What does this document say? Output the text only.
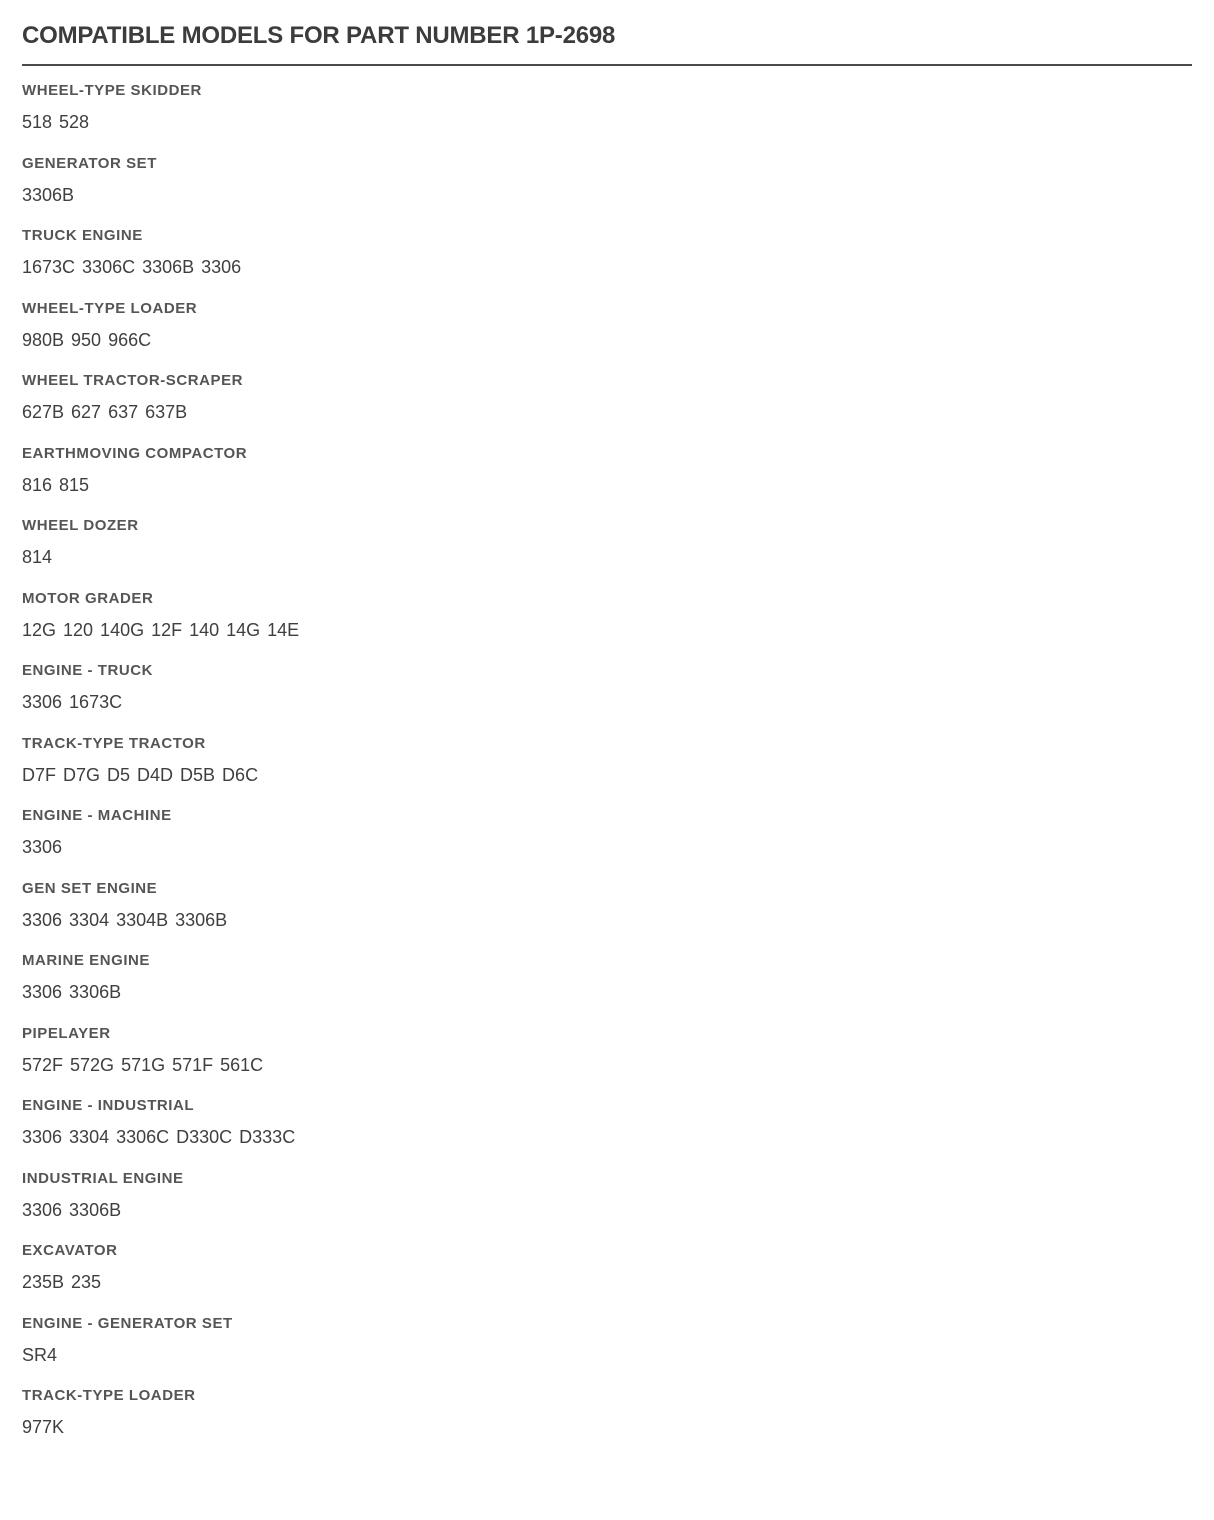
COMPATIBLE MODELS FOR PART NUMBER 1P-2698
WHEEL-TYPE SKIDDER
518 528
GENERATOR SET
3306B
TRUCK ENGINE
1673C 3306C 3306B 3306
WHEEL-TYPE LOADER
980B 950 966C
WHEEL TRACTOR-SCRAPER
627B 627 637 637B
EARTHMOVING COMPACTOR
816 815
WHEEL DOZER
814
MOTOR GRADER
12G 120 140G 12F 140 14G 14E
ENGINE - TRUCK
3306 1673C
TRACK-TYPE TRACTOR
D7F D7G D5 D4D D5B D6C
ENGINE - MACHINE
3306
GEN SET ENGINE
3306 3304 3304B 3306B
MARINE ENGINE
3306 3306B
PIPELAYER
572F 572G 571G 571F 561C
ENGINE - INDUSTRIAL
3306 3304 3306C D330C D333C
INDUSTRIAL ENGINE
3306 3306B
EXCAVATOR
235B 235
ENGINE - GENERATOR SET
SR4
TRACK-TYPE LOADER
977K
